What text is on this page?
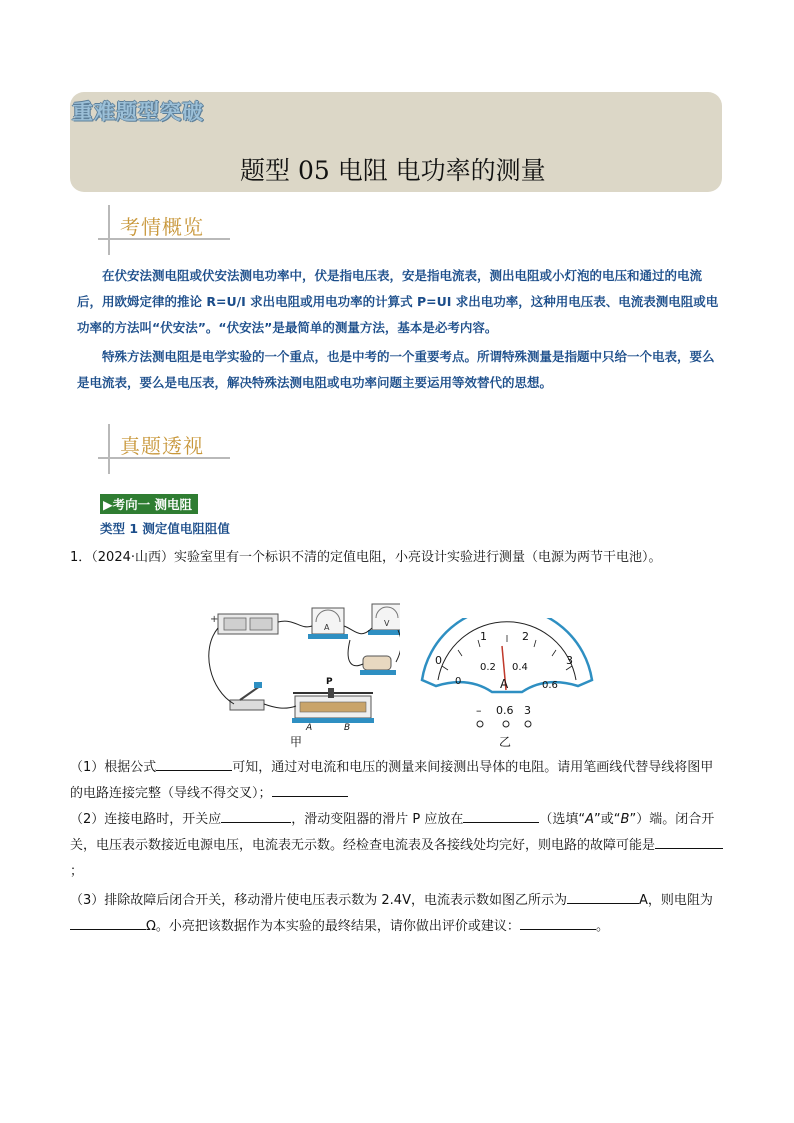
重难题型突破
题型 05 电阻 电功率的测量
考情概览

在伏安法测电阻或伏安法测电功率中，伏是指电压表，安是指电流表，测出电阻或小灯泡的电压和通过的电流后，用欧姆定律的推论 R=U/I 求出电阻或用电功率的计算式 P=UI 求出电功率，这种用电压表、电流表测电阻或电功率的方法叫“伏安法”。“伏安法”是最简单的测量方法，基本是必考内容。

特殊方法测电阻是电学实验的一个重点，也是中考的一个重要考点。所谓特殊测量是指题中只给一个电表，要么是电流表，要么是电压表，解决特殊法测电阻或电功率问题主要运用等效替代的思想。

真题透视
▶考向一 测电阻
类型 1 测定值电阻阻值

1．（2024·山西）实验室里有一个标识不清的定值电阻，小亮设计实验进行测量（电源为两节干电池）。

+
A	V
P
A	B
甲
0
1	2
3
0
0.2 0.4
0.6
A
– 0.6 3
乙

（1）根据公式	可知，通过对电流和电压的测量来间接测出导体的电阻。请用笔画线代替导线将图甲的电路连接完整（导线不得交叉）；

（2）连接电路时，开关应	，滑动变阻器的滑片 P 应放在	（选填“A”或“B”）端。闭合开关，电压表示数接近电源电压，电流表无示数。经检查电流表及各接线处均完好，则电路的故障可能是；

（3）排除故障后闭合开关，移动滑片使电压表示数为 2.4V，电流表示数如图乙所示为	A，则电阻为Ω。小亮把该数据作为本实验的最终结果，请你做出评价或建议：	。
